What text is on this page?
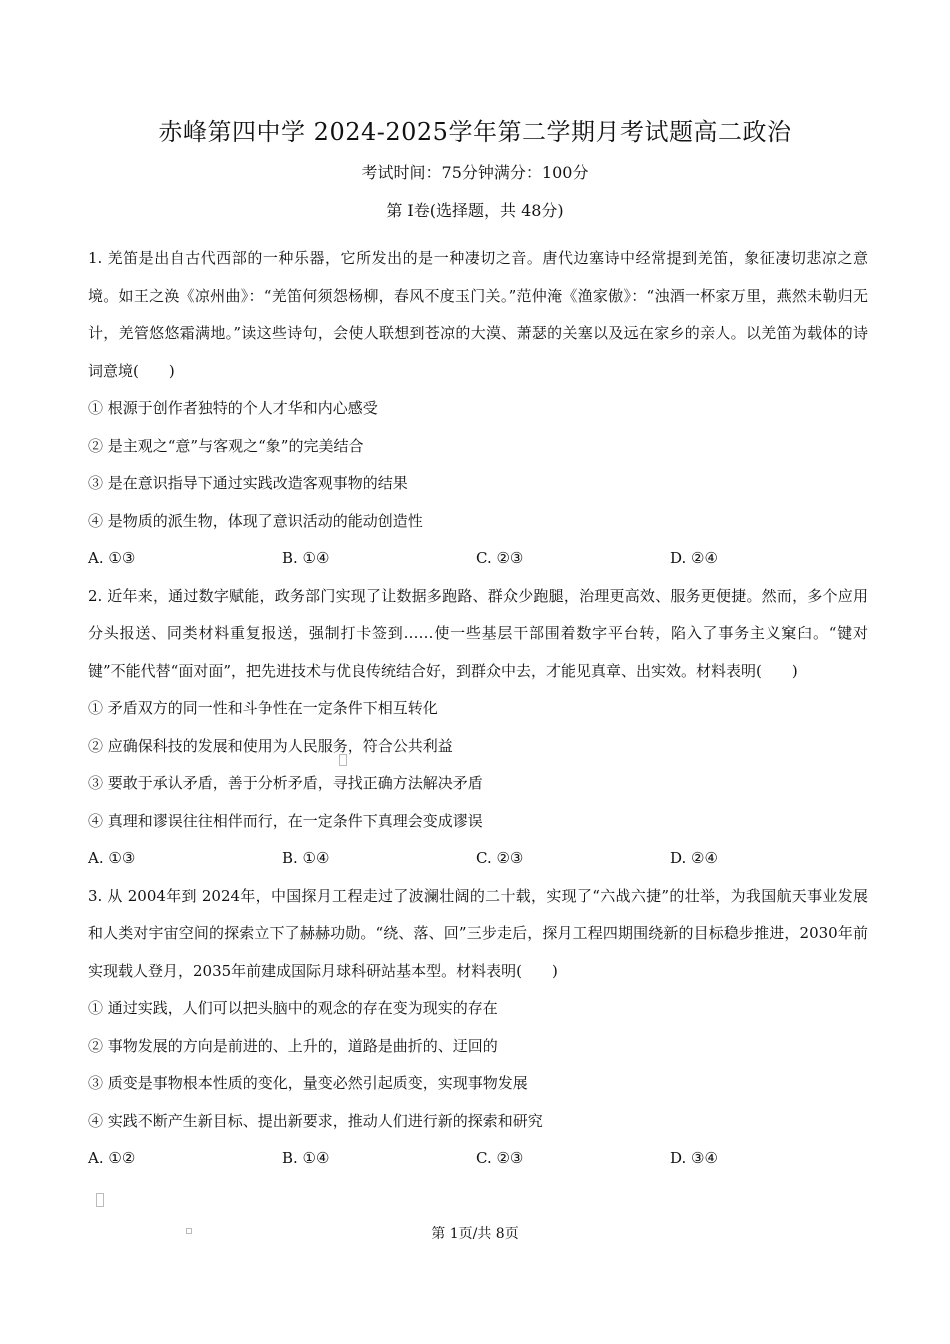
赤峰第四中学 2024-2025学年第二学期月考试题高二政治
考试时间：75分钟满分：100分
第 Ⅰ卷(选择题，共 48分)

1. 羌笛是出自古代西部的一种乐器，它所发出的是一种凄切之音。唐代边塞诗中经常提到羌笛，象征凄切悲凉之意境。如王之涣《凉州曲》：“羌笛何须怨杨柳，春风不度玉门关。”范仲淹《渔家傲》：“浊酒一杯家万里，燕然未勒归无计，羌管悠悠霜满地。”读这些诗句，会使人联想到苍凉的大漠、萧瑟的关塞以及远在家乡的亲人。以羌笛为载体的诗词意境(　　)

① 根源于创作者独特的个人才华和内心感受

② 是主观之“意”与客观之“象”的完美结合

③ 是在意识指导下通过实践改造客观事物的结果

④ 是物质的派生物，体现了意识活动的能动创造性

A. ①③	B. ①④	C. ②③	D. ②④

2. 近年来，通过数字赋能，政务部门实现了让数据多跑路、群众少跑腿，治理更高效、服务更便捷。然而，多个应用分头报送、同类材料重复报送，强制打卡签到……使一些基层干部围着数字平台转，陷入了事务主义窠臼。“键对键”不能代替“面对面”，把先进技术与优良传统结合好，到群众中去，才能见真章、出实效。材料表明(　　)

① 矛盾双方的同一性和斗争性在一定条件下相互转化

② 应确保科技的发展和使用为人民服务，符合公共利益

③ 要敢于承认矛盾，善于分析矛盾，寻找正确方法解决矛盾

④ 真理和谬误往往相伴而行，在一定条件下真理会变成谬误

A. ①③	B. ①④	C. ②③	D. ②④

3. 从 2004年到 2024年，中国探月工程走过了波澜壮阔的二十载，实现了“六战六捷”的壮举，为我国航天事业发展和人类对宇宙空间的探索立下了赫赫功勋。“绕、落、回”三步走后，探月工程四期围绕新的目标稳步推进，2030年前实现载人登月，2035年前建成国际月球科研站基本型。材料表明(　　)

① 通过实践，人们可以把头脑中的观念的存在变为现实的存在

② 事物发展的方向是前进的、上升的，道路是曲折的、迂回的

③ 质变是事物根本性质的变化，量变必然引起质变，实现事物发展

④ 实践不断产生新目标、提出新要求，推动人们进行新的探索和研究

A. ①②	B. ①④	C. ②③	D. ③④
第 1页/共 8页
